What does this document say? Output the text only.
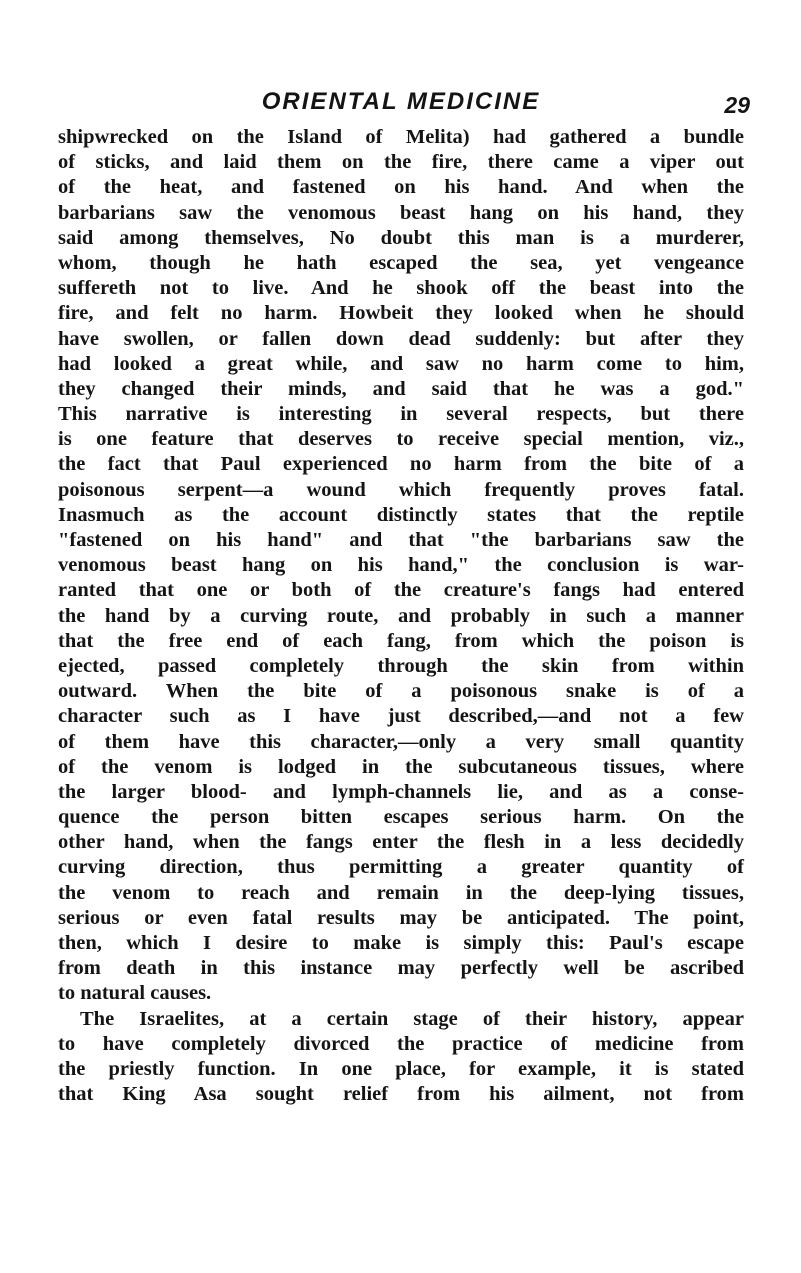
ORIENTAL MEDICINE	29
shipwrecked on the Island of Melita) had gathered a bundle
of sticks, and laid them on the fire, there came a viper out
of the heat, and fastened on his hand. And when the
barbarians saw the venomous beast hang on his hand, they
said among themselves, No doubt this man is a murderer,
whom, though he hath escaped the sea, yet vengeance
suffereth not to live. And he shook off the beast into the
fire, and felt no harm. Howbeit they looked when he should
have swollen, or fallen down dead suddenly: but after they
had looked a great while, and saw no harm come to him,
they changed their minds, and said that he was a god."
This narrative is interesting in several respects, but there
is one feature that deserves to receive special mention, viz.,
the fact that Paul experienced no harm from the bite of a
poisonous serpent—a wound which frequently proves fatal.
Inasmuch as the account distinctly states that the reptile
"fastened on his hand" and that "the barbarians saw the
venomous beast hang on his hand," the conclusion is war-
ranted that one or both of the creature's fangs had entered
the hand by a curving route, and probably in such a manner
that the free end of each fang, from which the poison is
ejected, passed completely through the skin from within
outward. When the bite of a poisonous snake is of a
character such as I have just described,—and not a few
of them have this character,—only a very small quantity
of the venom is lodged in the subcutaneous tissues, where
the larger blood- and lymph-channels lie, and as a conse-
quence the person bitten escapes serious harm. On the
other hand, when the fangs enter the flesh in a less decidedly
curving direction, thus permitting a greater quantity of
the venom to reach and remain in the deep-lying tissues,
serious or even fatal results may be anticipated. The point,
then, which I desire to make is simply this: Paul's escape
from death in this instance may perfectly well be ascribed
to natural causes.
The Israelites, at a certain stage of their history, appear
to have completely divorced the practice of medicine from
the priestly function. In one place, for example, it is stated
that King Asa sought relief from his ailment, not from
